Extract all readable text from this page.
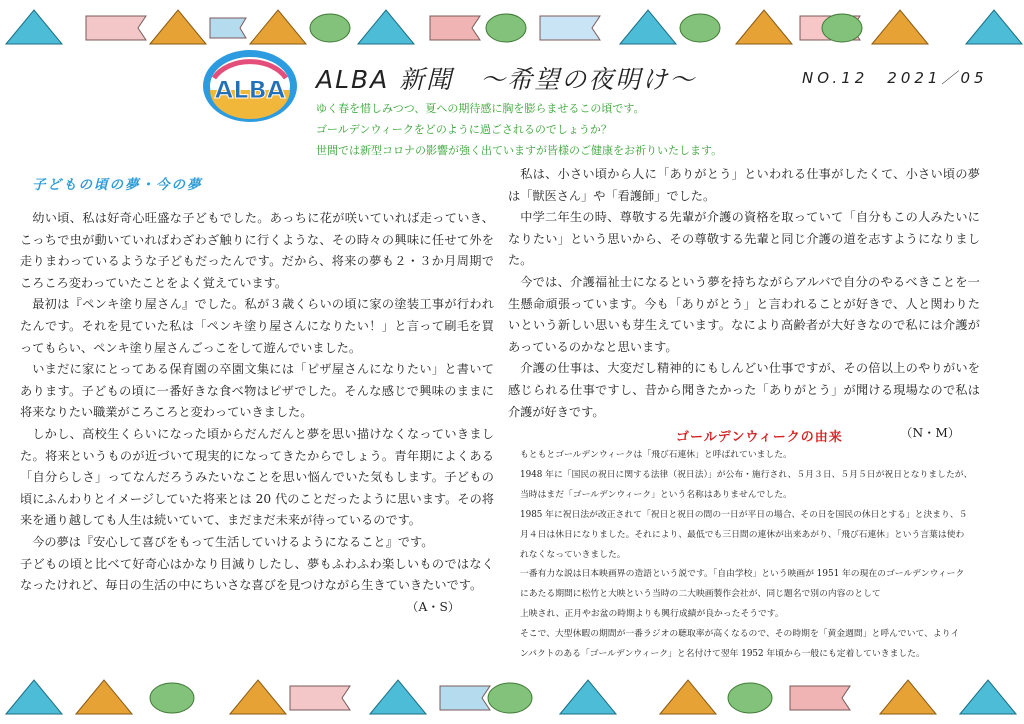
ALBA ALBA 新聞　～希望の夜明け～	NO.12　2021／05

ゆく春を惜しみつつ、夏への期待感に胸を膨らませるこの頃です。

ゴールデンウィークをどのように過ごされるのでしょうか？

世間では新型コロナの影響が強く出ていますが皆様のご健康をお祈りいたします。

子どもの頃の夢・今の夢

幼い頃、私は好奇心旺盛な子どもでした。あっちに花が咲いていれば走っていき、こっちで虫が動いていればわざわざ触りに行くような、その時々の興味に任せて外を走りまわっているような子どもだったんです。だから、将来の夢も２・３か月周期でころころ変わっていたことをよく覚えています。

最初は『ペンキ塗り屋さん』でした。私が３歳くらいの頃に家の塗装工事が行われたんです。それを見ていた私は「ペンキ塗り屋さんになりたい！」と言って刷毛を買ってもらい、ペンキ塗り屋さんごっこをして遊んでいました。

いまだに家にとってある保育園の卒園文集には「ピザ屋さんになりたい」と書いてあります。子どもの頃に一番好きな食べ物はピザでした。そんな感じで興味のままに将来なりたい職業がころころと変わっていきました。

しかし、高校生くらいになった頃からだんだんと夢を思い描けなくなっていきました。将来というものが近づいて現実的になってきたからでしょう。青年期によくある「自分らしさ」ってなんだろうみたいなことを思い悩んでいた気もします。子どもの頃にふんわりとイメージしていた将来とは 20 代のことだったように思います。その将来を通り越しても人生は続いていて、まだまだ未来が待っているのです。

今の夢は『安心して喜びをもって生活していけるようになること』です。

子どもの頃と比べて好奇心はかなり目減りしたし、夢もふわふわ楽しいものではなくなったけれど、毎日の生活の中にちいさな喜びを見つけながら生きていきたいです。

（A・S）

私は、小さい頃から人に「ありがとう」といわれる仕事がしたくて、小さい頃の夢は「獣医さん」や「看護師」でした。

中学二年生の時、尊敬する先輩が介護の資格を取っていて「自分もこの人みたいになりたい」という思いから、その尊敬する先輩と同じ介護の道を志すようになりました。

今では、介護福祉士になるという夢を持ちながらアルバで自分のやるべきことを一生懸命頑張っています。今も「ありがとう」と言われることが好きで、人と関わりたいという新しい思いも芽生えています。なにより高齢者が大好きなので私には介護があっているのかなと思います。

介護の仕事は、大変だし精神的にもしんどい仕事ですが、その倍以上のやりがいを感じられる仕事ですし、昔から聞きたかった「ありがとう」が聞ける現場なので私は介護が好きです。

（N・M）

ゴールデンウィークの由来

もともとゴールデンウィークは「飛び石連休」と呼ばれていました。

1948 年に「国民の祝日に関する法律（祝日法）」が公布・施行され、５月３日、５月５日が祝日となりましたが、

当時はまだ「ゴールデンウィーク」という名称はありませんでした。

1985 年に祝日法が改正されて「祝日と祝日の間の一日が平日の場合、その日を国民の休日とする」と決まり、５

月４日は休日になりました。それにより、最低でも三日間の連休が出来あがり、「飛び石連休」という言葉は使わ

れなくなっていきました。

一番有力な説は日本映画界の造語という説です。「自由学校」という映画が 1951 年の現在のゴールデンウィーク

にあたる期間に松竹と大映という当時の二大映画製作会社が、同じ題名で別の内容のとして

上映され、正月やお盆の時期よりも興行成績が良かったそうです。

そこで、大型休暇の期間が一番ラジオの聴取率が高くなるので、その時期を「黄金週間」と呼んでいて、よりイ

ンパクトのある「ゴールデンウィーク」と名付けて翌年 1952 年頃から一般にも定着していきました。
